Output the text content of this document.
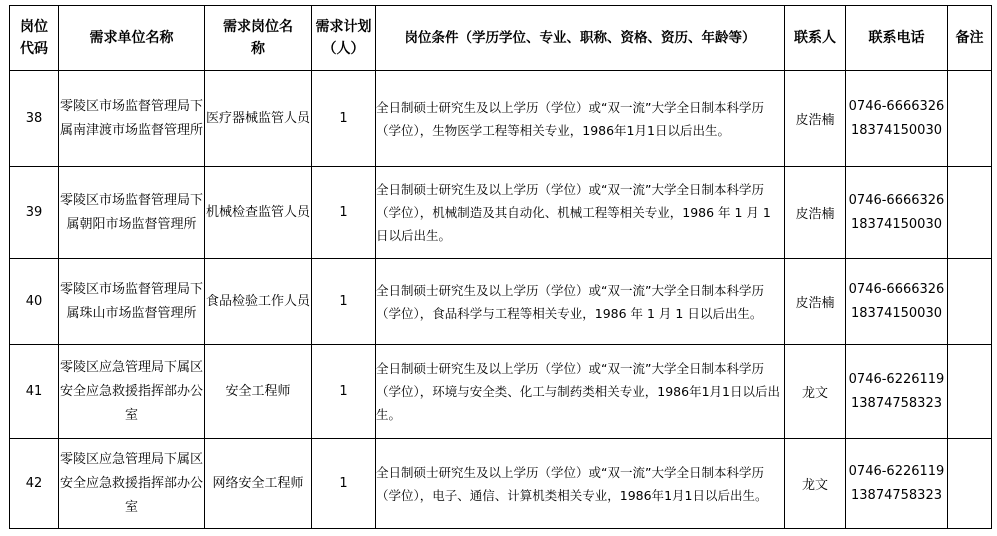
岗位代码	需求单位名称	需求岗位名称	需求计划（人）	岗位条件（学历学位、专业、职称、资格、资历、年龄等）	联系人	联系电话	备注
38	零陵区市场监督管理局下属南津渡市场监督管理所	医疗器械监管人员	1	全日制硕士研究生及以上学历（学位）或“双一流”大学全日制本科学历（学位），生物医学工程等相关专业，1986年1月1日以后出生。	皮浩楠	0746-6666326
18374150030	

39	零陵区市场监督管理局下属朝阳市场监督管理所	机械检查监管人员	1	全日制硕士研究生及以上学历（学位）或“双一流”大学全日制本科学历（学位），机械制造及其自动化、机械工程等相关专业，1986 年 1 月 1 日以后出生。	皮浩楠	0746-6666326
18374150030	

40	零陵区市场监督管理局下属珠山市场监督管理所	食品检验工作人员	1	全日制硕士研究生及以上学历（学位）或“双一流”大学全日制本科学历（学位），食品科学与工程等相关专业，1986 年 1 月 1 日以后出生。	皮浩楠	0746-6666326
18374150030	

41	零陵区应急管理局下属区安全应急救援指挥部办公室	安全工程师	1	全日制硕士研究生及以上学历（学位）或“双一流”大学全日制本科学历（学位），环境与安全类、化工与制药类相关专业，1986年1月1日以后出生。	龙文	0746-6226119
13874758323	

42	零陵区应急管理局下属区安全应急救援指挥部办公室	网络安全工程师	1	全日制硕士研究生及以上学历（学位）或“双一流”大学全日制本科学历（学位），电子、通信、计算机类相关专业，1986年1月1日以后出生。	龙文	0746-6226119
13874758323	
